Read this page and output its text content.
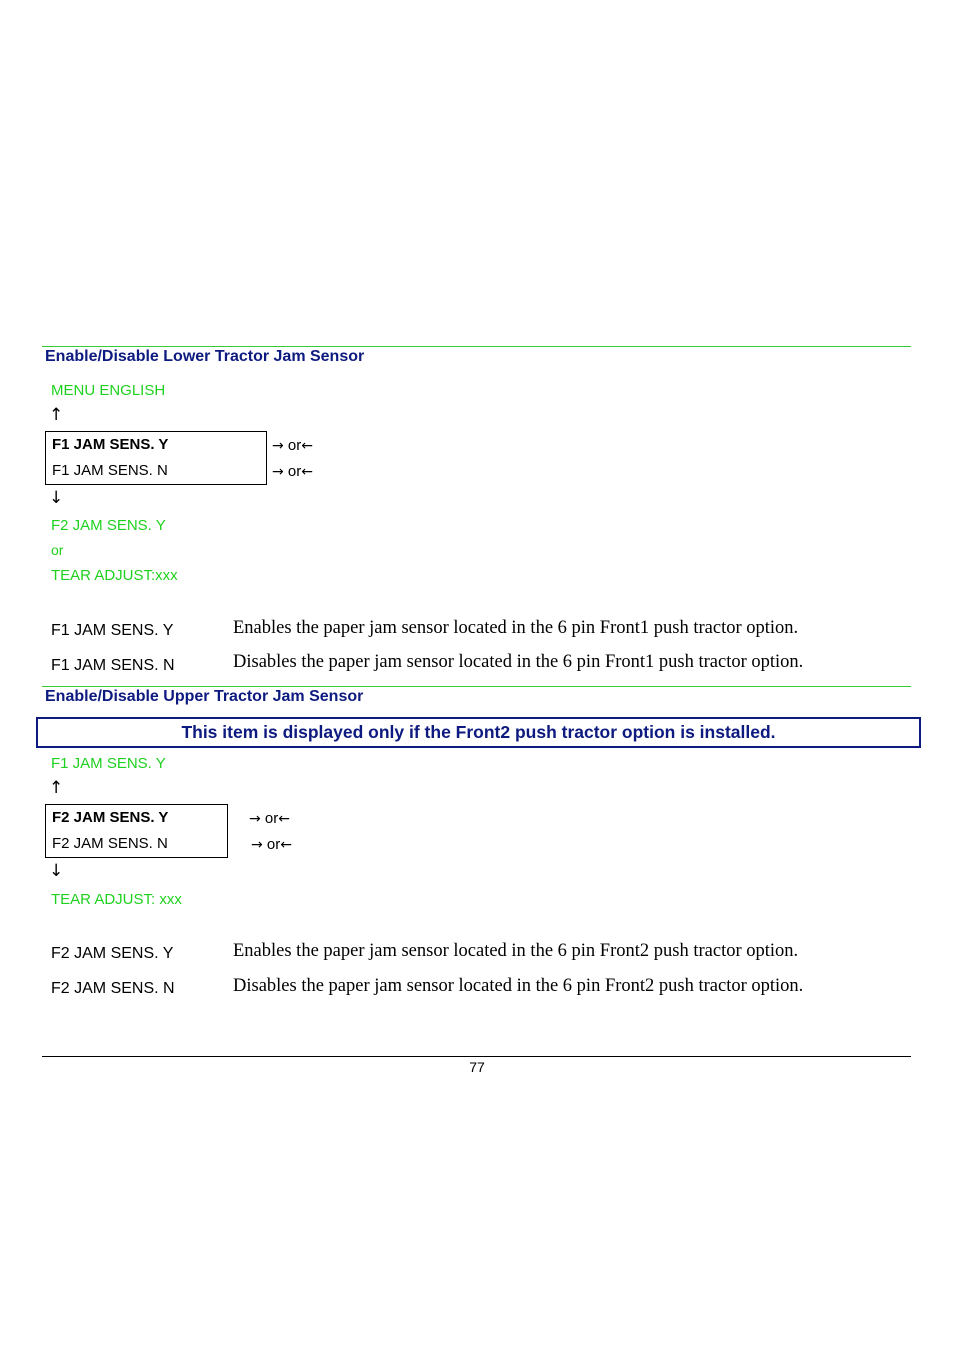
Enable/Disable Lower Tractor Jam Sensor
MENU ENGLISH
↑
F1 JAM SENS. Y
F1 JAM SENS. N
→ or←
→ or←
↓
F2 JAM SENS. Y
or
TEAR ADJUST:xxx
F1 JAM SENS. Y	Enables the paper jam sensor located in the 6 pin Front1 push tractor option.
F1 JAM SENS. N	Disables the paper jam sensor located in the 6 pin Front1 push tractor option.
Enable/Disable Upper Tractor Jam Sensor
This item is displayed only if the Front2 push tractor option is installed.
F1 JAM SENS. Y
↑
F2 JAM SENS. Y
F2 JAM SENS. N
→ or←
→ or←
↓
TEAR ADJUST: xxx
F2 JAM SENS. Y	Enables the paper jam sensor located in the 6 pin Front2 push tractor option.
F2 JAM SENS. N	Disables the paper jam sensor located in the 6 pin Front2 push tractor option.
77
